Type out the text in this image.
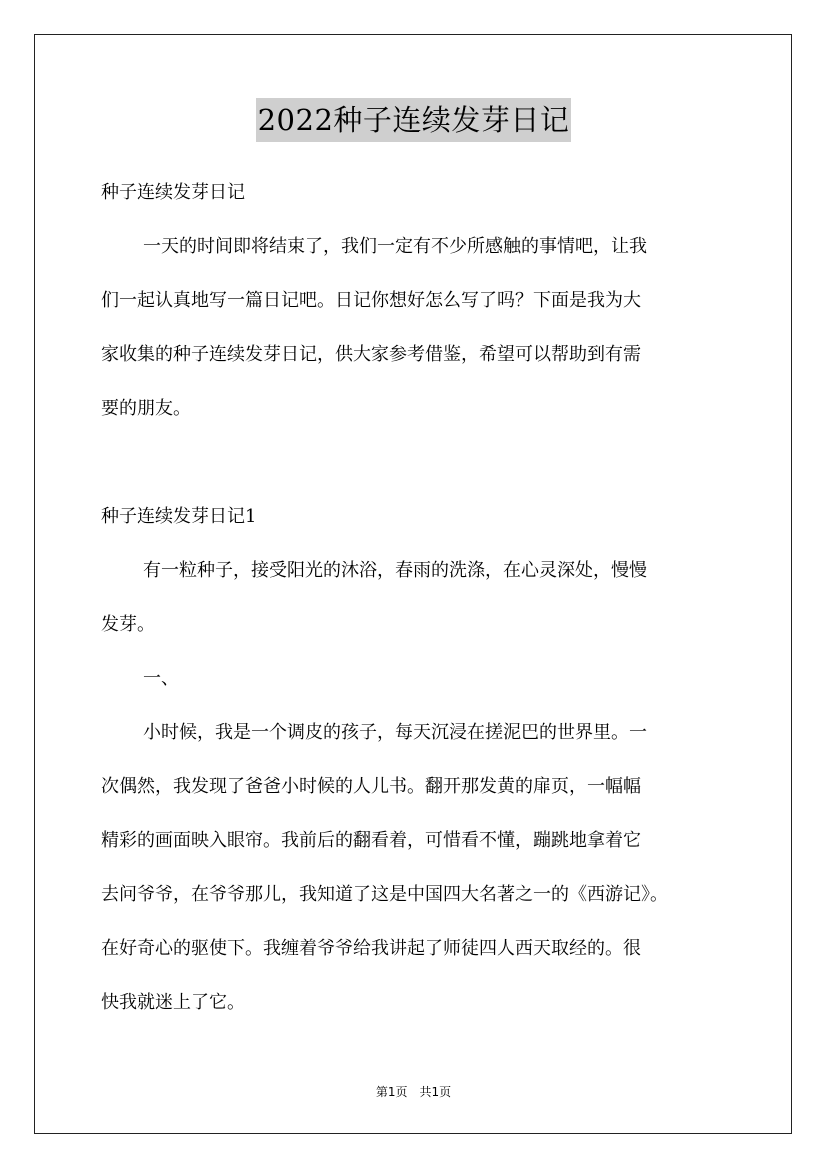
2022种子连续发芽日记
种子连续发芽日记
一天的时间即将结束了，我们一定有不少所感触的事情吧，让我
们一起认真地写一篇日记吧。日记你想好怎么写了吗？下面是我为大
家收集的种子连续发芽日记，供大家参考借鉴，希望可以帮助到有需
要的朋友。
种子连续发芽日记1
有一粒种子，接受阳光的沐浴，春雨的洗涤，在心灵深处，慢慢
发芽。
一、
小时候，我是一个调皮的孩子，每天沉浸在搓泥巴的世界里。一
次偶然，我发现了爸爸小时候的人儿书。翻开那发黄的扉页，一幅幅
精彩的画面映入眼帘。我前后的翻看着，可惜看不懂，蹦跳地拿着它
去问爷爷，在爷爷那儿，我知道了这是中国四大名著之一的《西游记》。
在好奇心的驱使下。我缠着爷爷给我讲起了师徒四人西天取经的。很
快我就迷上了它。
第1页　共1页
